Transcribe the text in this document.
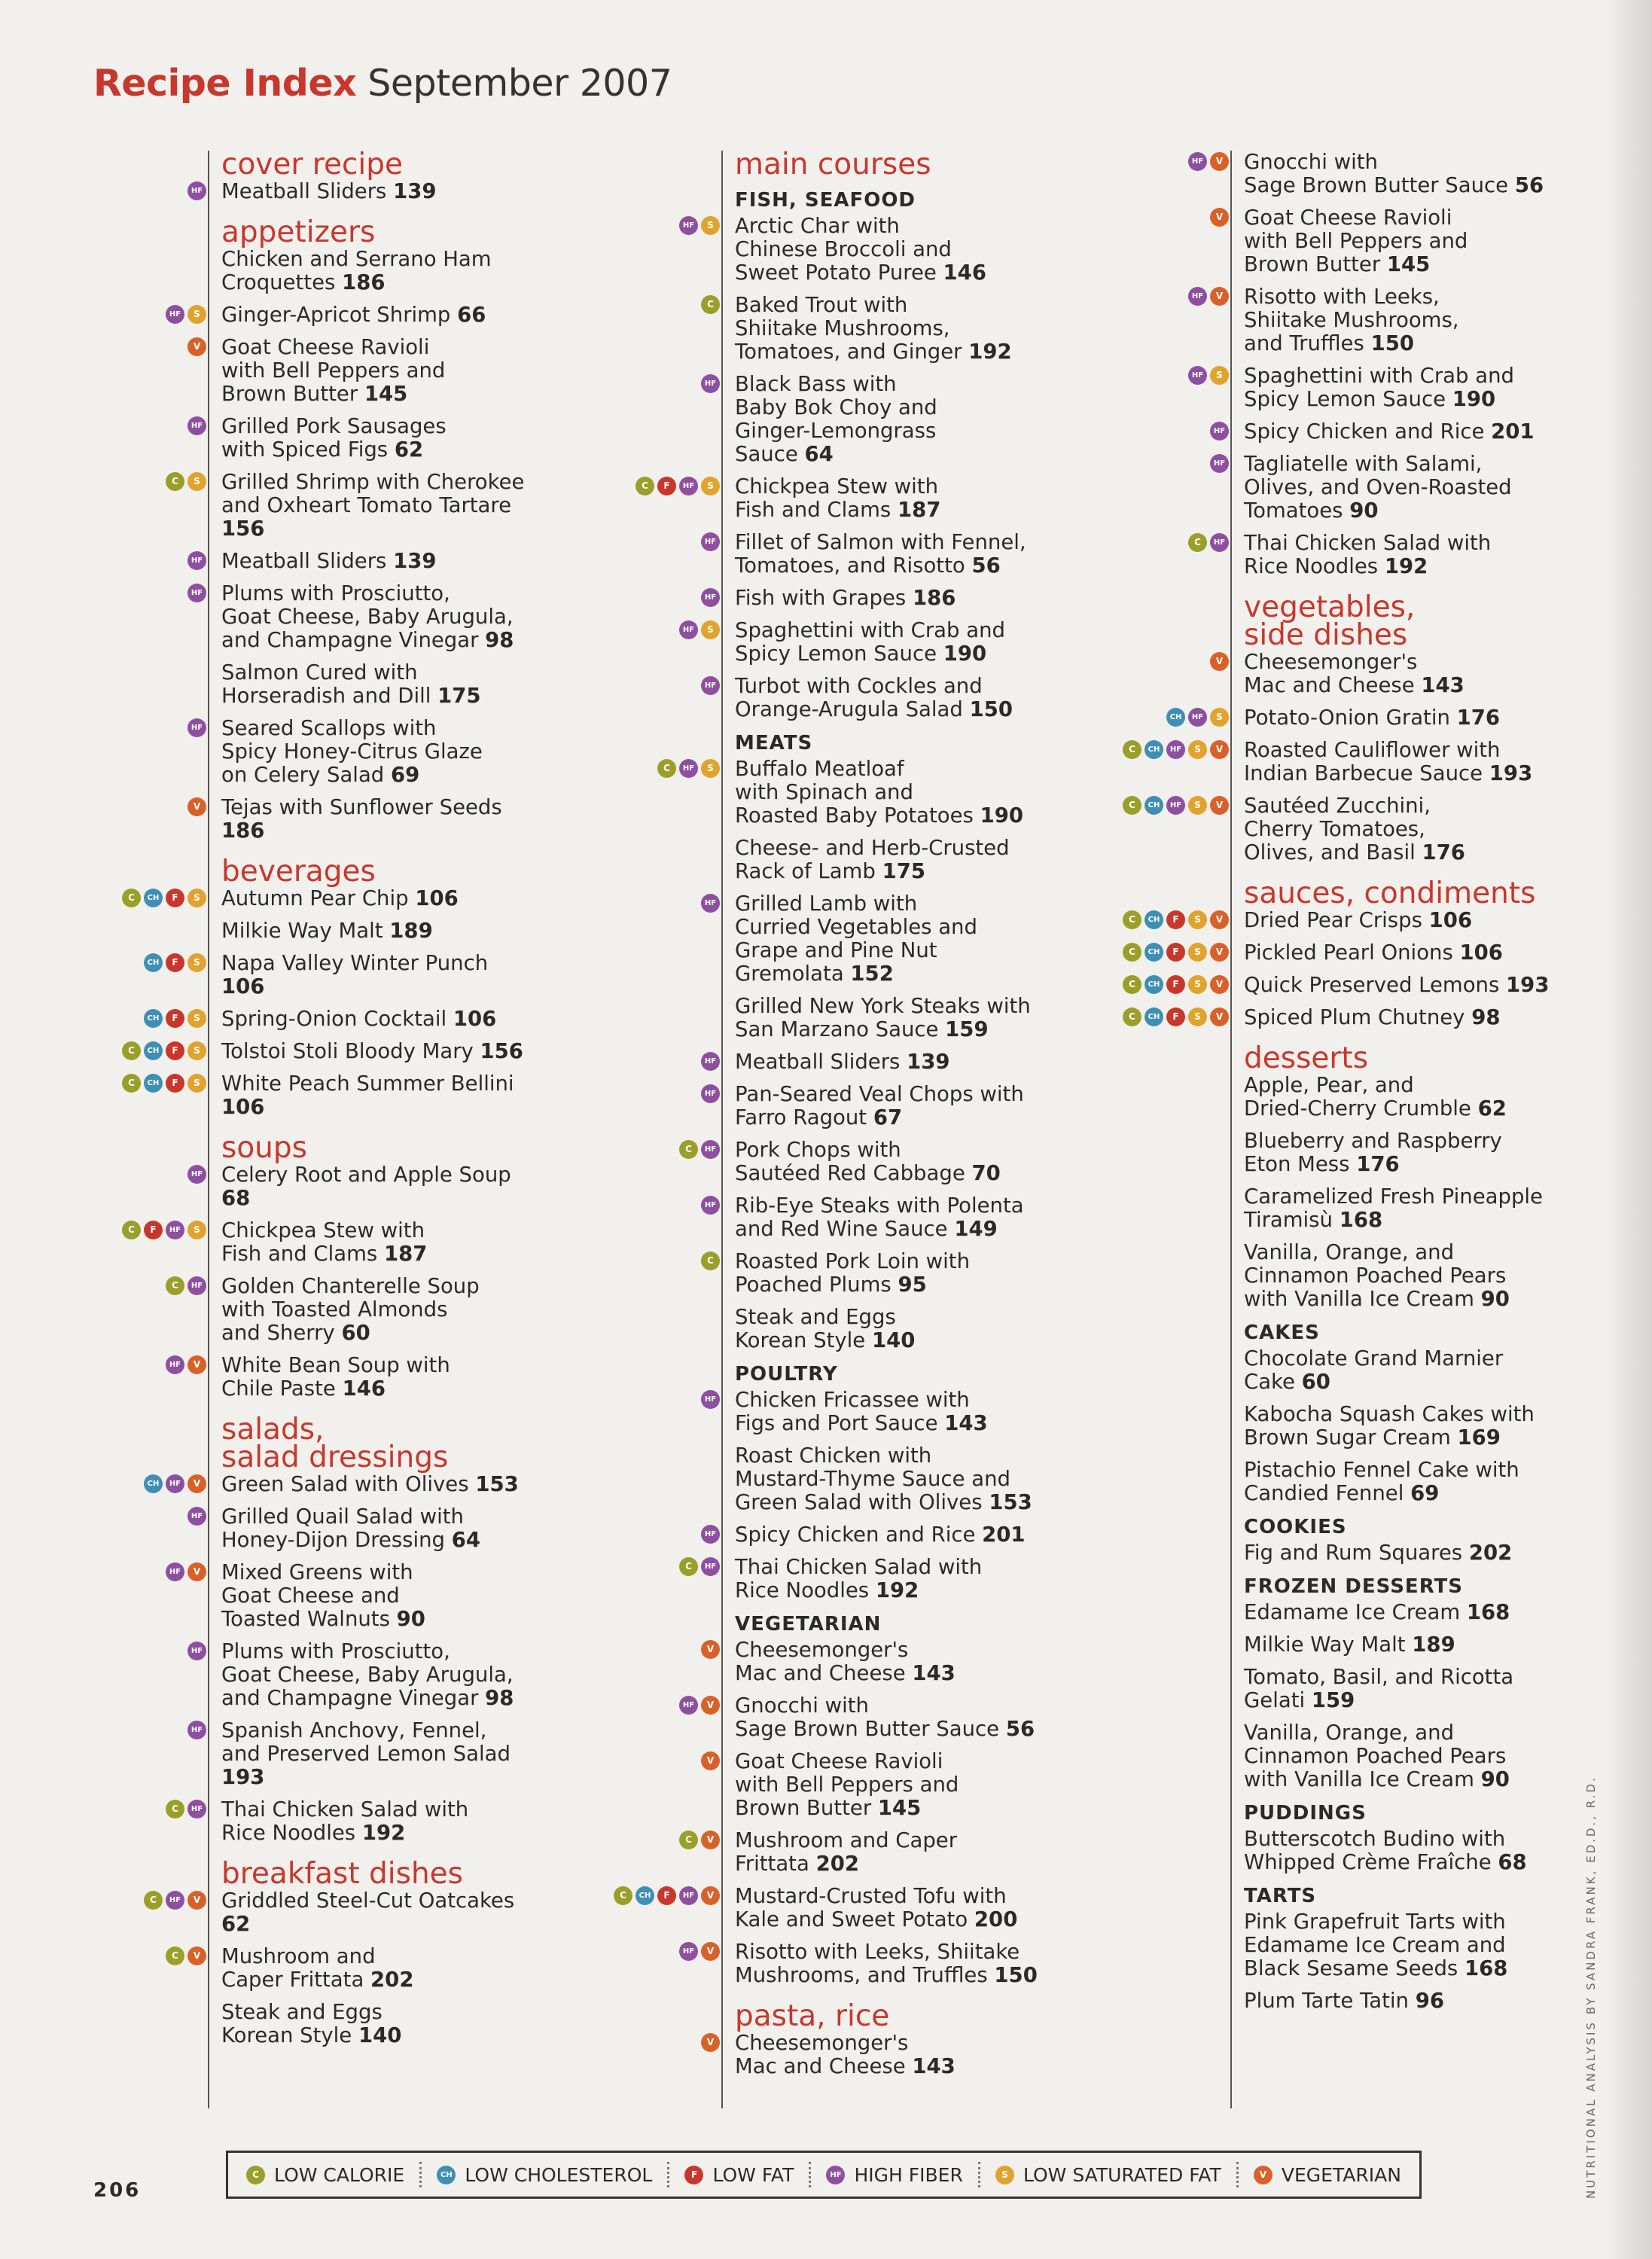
Recipe Index September 2007
cover recipe
HF Meatball Sliders 139
appetizers
Chicken and Serrano Ham
Croquettes 186
HF	S Ginger-Apricot Shrimp 66
V Goat Cheese Ravioli
with Bell Peppers and
Brown Butter 145
HF Grilled Pork Sausages
with Spiced Figs 62
C	S Grilled Shrimp with Cherokee
and Oxheart Tomato Tartare
156
HF Meatball Sliders 139
HF Plums with Prosciutto,
Goat Cheese, Baby Arugula,
and Champagne Vinegar 98
Salmon Cured with
Horseradish and Dill 175
HF Seared Scallops with
Spicy Honey-Citrus Glaze
on Celery Salad 69
V Tejas with Sunflower Seeds
186
beverages
C	CH	F	S Autumn Pear Chip 106
Milkie Way Malt 189
CH	F	S Napa Valley Winter Punch
106
CH	F	S Spring-Onion Cocktail 106
C	CH	F	S Tolstoi Stoli Bloody Mary 156
C	CH	F	S White Peach Summer Bellini
106
soups
HF Celery Root and Apple Soup
68
C	F	HF	S Chickpea Stew with
Fish and Clams 187
C	HF Golden Chanterelle Soup
with Toasted Almonds
and Sherry 60
HF	V White Bean Soup with
Chile Paste 146
salads,
salad dressings
CH	HF	V Green Salad with Olives 153
HF Grilled Quail Salad with
Honey-Dijon Dressing 64
HF	V Mixed Greens with
Goat Cheese and
Toasted Walnuts 90
HF Plums with Prosciutto,
Goat Cheese, Baby Arugula,
and Champagne Vinegar 98
HF Spanish Anchovy, Fennel,
and Preserved Lemon Salad
193
C	HF Thai Chicken Salad with
Rice Noodles 192
breakfast dishes
C	HF	V Griddled Steel-Cut Oatcakes
62
C	V Mushroom and
Caper Frittata 202
Steak and Eggs
Korean Style 140
main courses
FISH, SEAFOOD
HF	S Arctic Char with
Chinese Broccoli and
Sweet Potato Puree 146
C Baked Trout with
Shiitake Mushrooms,
Tomatoes, and Ginger 192
HF Black Bass with
Baby Bok Choy and
Ginger-Lemongrass
Sauce 64
C	F	HF	S Chickpea Stew with
Fish and Clams 187
HF Fillet of Salmon with Fennel,
Tomatoes, and Risotto 56
HF Fish with Grapes 186
HF	S Spaghettini with Crab and
Spicy Lemon Sauce 190
HF Turbot with Cockles and
Orange-Arugula Salad 150
MEATS
C	HF	S Buffalo Meatloaf
with Spinach and
Roasted Baby Potatoes 190
Cheese- and Herb-Crusted
Rack of Lamb 175
HF Grilled Lamb with
Curried Vegetables and
Grape and Pine Nut
Gremolata 152
Grilled New York Steaks with
San Marzano Sauce 159
HF Meatball Sliders 139
HF Pan-Seared Veal Chops with
Farro Ragout 67
C	HF Pork Chops with
Sautéed Red Cabbage 70
HF Rib-Eye Steaks with Polenta
and Red Wine Sauce 149
C Roasted Pork Loin with
Poached Plums 95
Steak and Eggs
Korean Style 140
POULTRY
HF Chicken Fricassee with
Figs and Port Sauce 143
Roast Chicken with
Mustard-Thyme Sauce and
Green Salad with Olives 153
HF Spicy Chicken and Rice 201
C	HF Thai Chicken Salad with
Rice Noodles 192
VEGETARIAN
V Cheesemonger's
Mac and Cheese 143
HF	V Gnocchi with
Sage Brown Butter Sauce 56
V Goat Cheese Ravioli
with Bell Peppers and
Brown Butter 145
C	V Mushroom and Caper
Frittata 202
C	CH	F	HF	V Mustard-Crusted Tofu with
Kale and Sweet Potato 200
HF	V Risotto with Leeks, Shiitake
Mushrooms, and Truffles 150
pasta, rice
V Cheesemonger's
Mac and Cheese 143
HF	V Gnocchi with
Sage Brown Butter Sauce 56
V Goat Cheese Ravioli
with Bell Peppers and
Brown Butter 145
HF	V Risotto with Leeks,
Shiitake Mushrooms,
and Truffles 150
HF	S Spaghettini with Crab and
Spicy Lemon Sauce 190
HF Spicy Chicken and Rice 201
HF Tagliatelle with Salami,
Olives, and Oven-Roasted
Tomatoes 90
C	HF Thai Chicken Salad with
Rice Noodles 192
vegetables,
side dishes
V Cheesemonger's
Mac and Cheese 143
CH	HF	S Potato-Onion Gratin 176
C	CH	HF	S	V Roasted Cauliflower with
Indian Barbecue Sauce 193
C	CH	HF	S	V Sautéed Zucchini,
Cherry Tomatoes,
Olives, and Basil 176
sauces, condiments
C	CH	F	S	V Dried Pear Crisps 106
C	CH	F	S	V Pickled Pearl Onions 106
C	CH	F	S	V Quick Preserved Lemons 193
C	CH	F	S	V Spiced Plum Chutney 98
desserts
Apple, Pear, and
Dried-Cherry Crumble 62
Blueberry and Raspberry
Eton Mess 176
Caramelized Fresh Pineapple
Tiramisù 168
Vanilla, Orange, and
Cinnamon Poached Pears
with Vanilla Ice Cream 90
CAKES
Chocolate Grand Marnier
Cake 60
Kabocha Squash Cakes with
Brown Sugar Cream 169
Pistachio Fennel Cake with
Candied Fennel 69
COOKIES
Fig and Rum Squares 202
FROZEN DESSERTS
Edamame Ice Cream 168
Milkie Way Malt 189
Tomato, Basil, and Ricotta
Gelati 159
Vanilla, Orange, and
Cinnamon Poached Pears
with Vanilla Ice Cream 90
PUDDINGS
Butterscotch Budino with
Whipped Crème Fraîche 68
TARTS
Pink Grapefruit Tarts with
Edamame Ice Cream and
Black Sesame Seeds 168
Plum Tarte Tatin 96
206
C LOW CALORIE	CH LOW CHOLESTEROL	F LOW FAT	HF HIGH FIBER	S LOW SATURATED FAT	V VEGETARIAN	NUTRITIONAL ANALYSIS BY SANDRA FRANK, ED.D., R.D.
